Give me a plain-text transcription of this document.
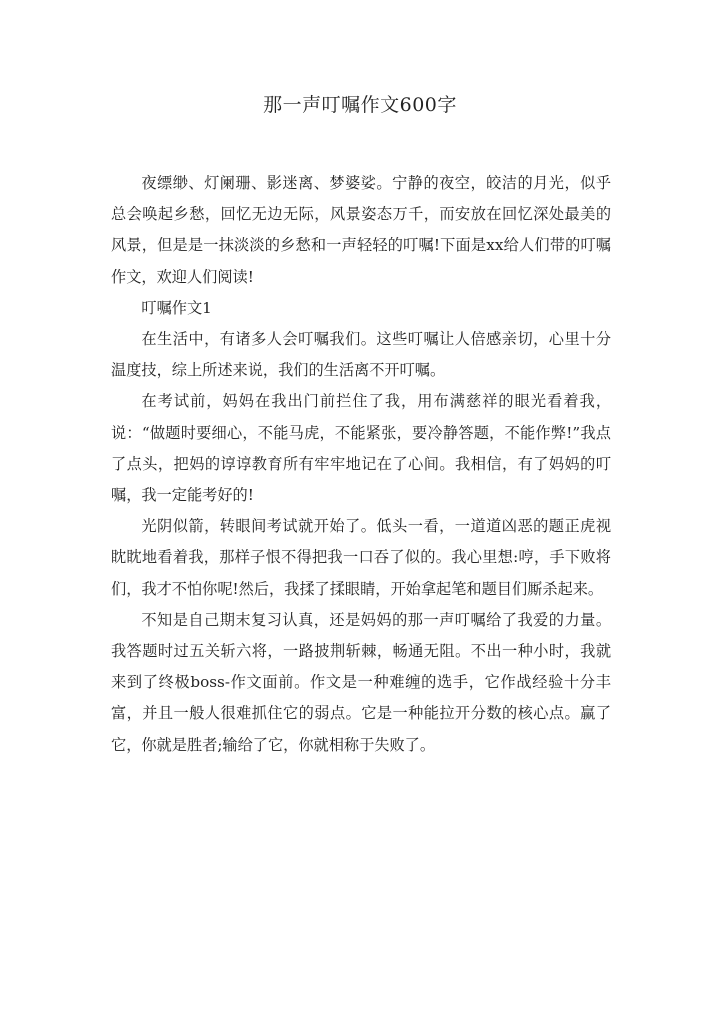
那一声叮嘱作文600字

夜缥缈、灯阑珊、影迷离、梦婆娑。宁静的夜空，皎洁的月光，似乎总会唤起乡愁，回忆无边无际，风景姿态万千，而安放在回忆深处最美的风景，但是是一抹淡淡的乡愁和一声轻轻的叮嘱!下面是xx给人们带的叮嘱作文，欢迎人们阅读!

叮嘱作文1

在生活中，有诸多人会叮嘱我们。这些叮嘱让人倍感亲切，心里十分温度技，综上所述来说，我们的生活离不开叮嘱。

在考试前，妈妈在我出门前拦住了我，用布满慈祥的眼光看着我，说：“做题时要细心，不能马虎，不能紧张，要冷静答题，不能作弊!”我点了点头，把妈的谆谆教育所有牢牢地记在了心间。我相信，有了妈妈的叮嘱，我一定能考好的!

光阴似箭，转眼间考试就开始了。低头一看，一道道凶恶的题正虎视眈眈地看着我，那样子恨不得把我一口吞了似的。我心里想:哼，手下败将们，我才不怕你呢!然后，我揉了揉眼睛，开始拿起笔和题目们厮杀起来。

不知是自己期末复习认真，还是妈妈的那一声叮嘱给了我爱的力量。我答题时过五关斩六将，一路披荆斩棘，畅通无阻。不出一种小时，我就来到了终极boss-作文面前。作文是一种难缠的选手，它作战经验十分丰富，并且一般人很难抓住它的弱点。它是一种能拉开分数的核心点。赢了它，你就是胜者;输给了它，你就相称于失败了。
